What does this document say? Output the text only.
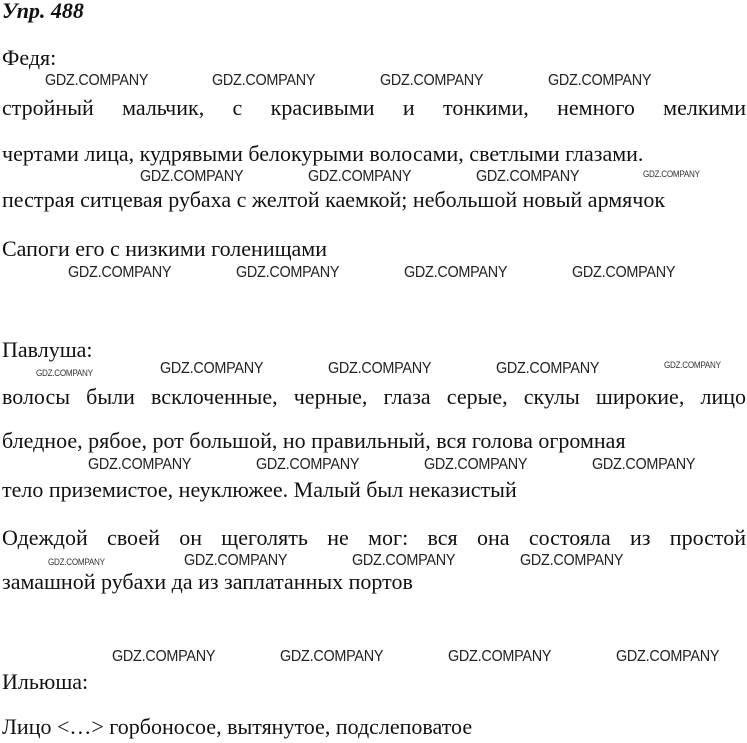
Упр. 488
Федя:
стройный мальчик, с красивыми и тонкими, немного мелкими
чертами лица, кудрявыми белокурыми волосами, светлыми глазами.
пестрая ситцевая рубаха с желтой каемкой; небольшой новый армячок
Сапоги его с низкими голенищами
Павлуша:
волосы были всклоченные, черные, глаза серые, скулы широкие, лицо
бледное, рябое, рот большой, но правильный, вся голова огромная
тело приземистое, неуклюжее. Малый был неказистый
Одеждой своей он щеголять не мог: вся она состояла из простой
замашной рубахи да из заплатанных портов
Ильюша:
Лицо <…> горбоносое, вытянутое, подслеповатое
GDZ.COMPANY	GDZ.COMPANY	GDZ.COMPANY	GDZ.COMPANY
GDZ.COMPANY	GDZ.COMPANY	GDZ.COMPANY	GDZ.COMPANY
GDZ.COMPANY	GDZ.COMPANY	GDZ.COMPANY	GDZ.COMPANY
GDZ.COMPANY	GDZ.COMPANY	GDZ.COMPANY	GDZ.COMPANY	GDZ.COMPANY
GDZ.COMPANY	GDZ.COMPANY	GDZ.COMPANY	GDZ.COMPANY
GDZ.COMPANY	GDZ.COMPANY	GDZ.COMPANY	GDZ.COMPANY
GDZ.COMPANY	GDZ.COMPANY	GDZ.COMPANY	GDZ.COMPANY
